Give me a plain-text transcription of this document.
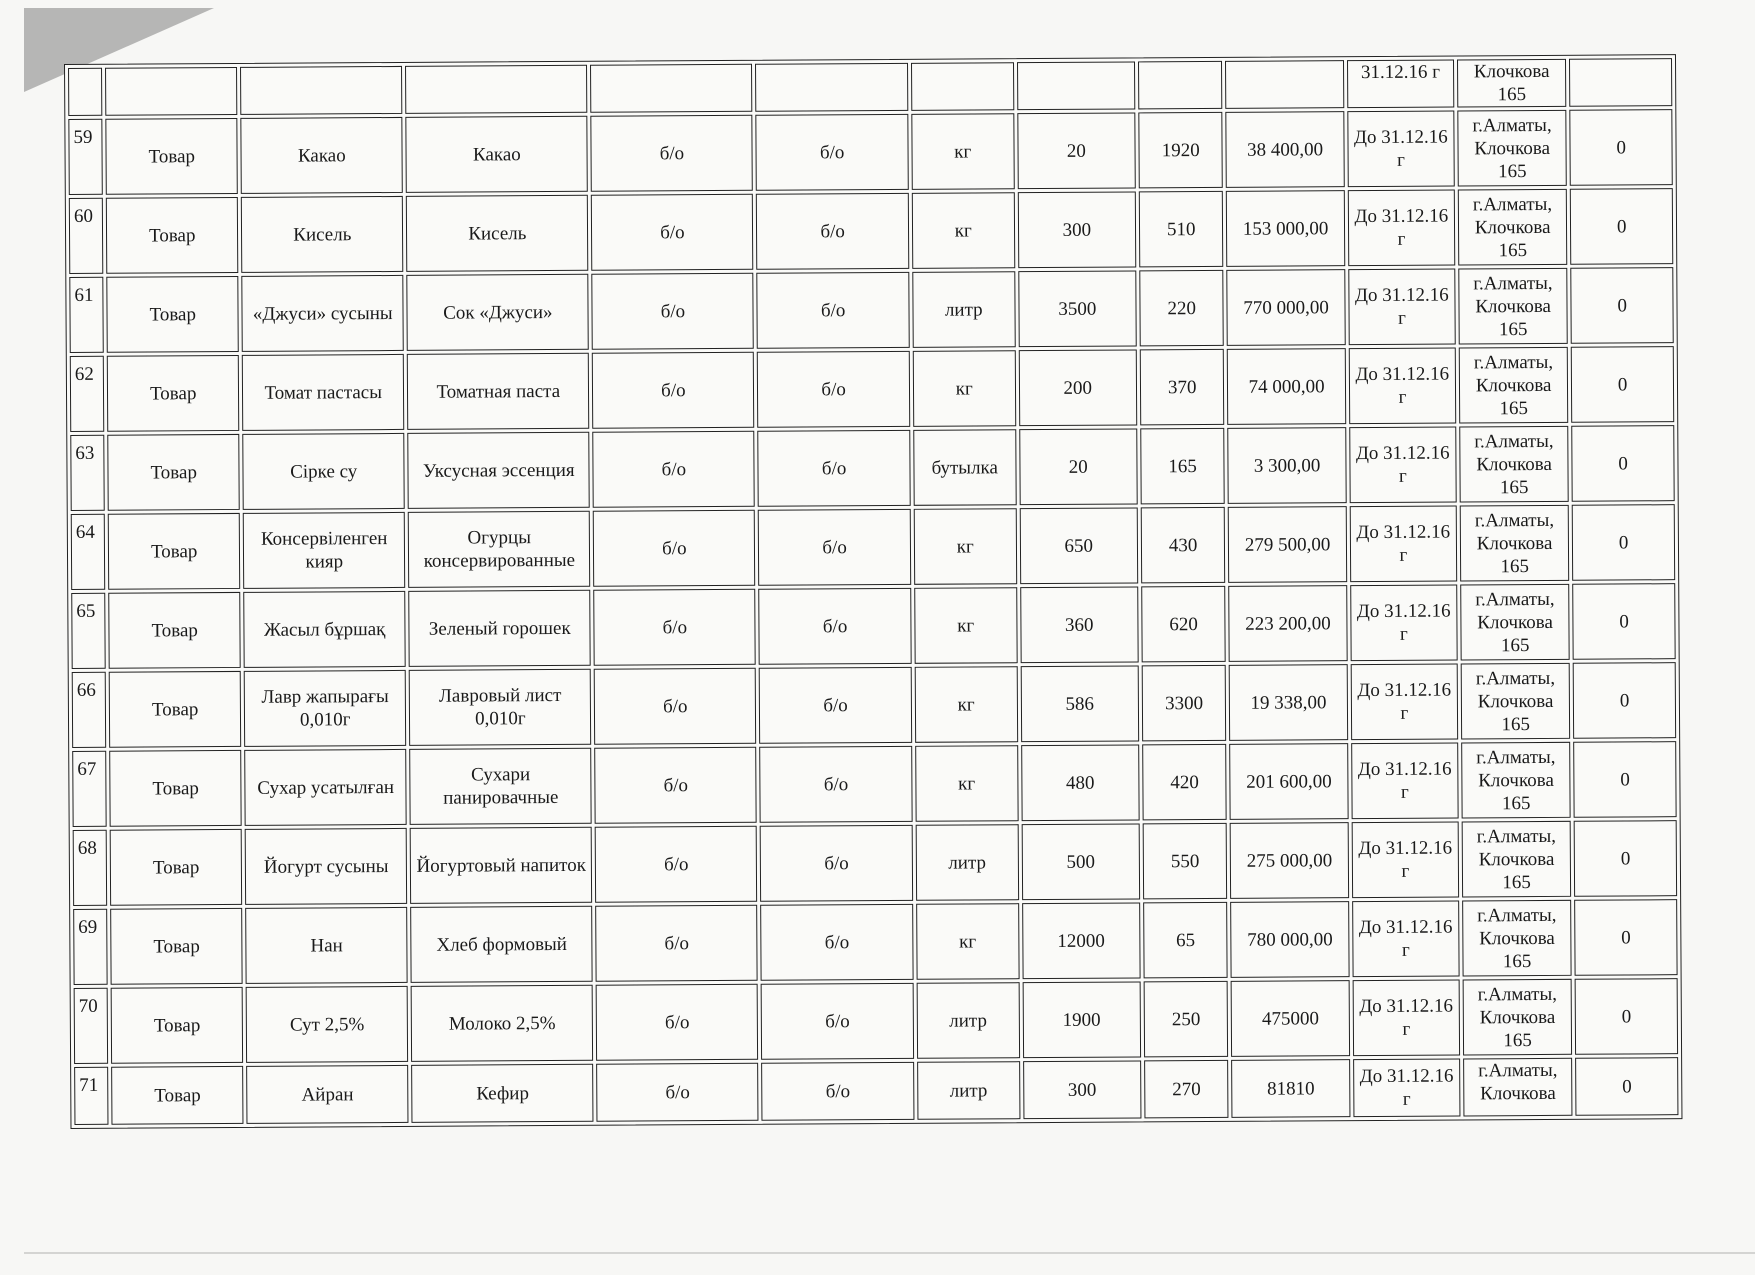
										31.12.16 г	Клочкова 165	
59	Товар	Какао	Какао	б/о	б/о	кг	20	1920	38 400,00	До 31.12.16 г	г.Алматы, Клочкова 165	0
60	Товар	Кисель	Кисель	б/о	б/о	кг	300	510	153 000,00	До 31.12.16 г	г.Алматы, Клочкова 165	0
61	Товар	«Джуси» сусыны	Сок «Джуси»	б/о	б/о	литр	3500	220	770 000,00	До 31.12.16 г	г.Алматы, Клочкова 165	0
62	Товар	Томат пастасы	Томатная паста	б/о	б/о	кг	200	370	74 000,00	До 31.12.16 г	г.Алматы, Клочкова 165	0
63	Товар	Сірке су	Уксусная эссенция	б/о	б/о	бутылка	20	165	3 300,00	До 31.12.16 г	г.Алматы, Клочкова 165	0
64	Товар	Консервіленген кияр	Огурцы консервированные	б/о	б/о	кг	650	430	279 500,00	До 31.12.16 г	г.Алматы, Клочкова 165	0
65	Товар	Жасыл бұршақ	Зеленый горошек	б/о	б/о	кг	360	620	223 200,00	До 31.12.16 г	г.Алматы, Клочкова 165	0
66	Товар	Лавр жапырағы 0,010г	Лавровый лист 0,010г	б/о	б/о	кг	586	3300	19 338,00	До 31.12.16 г	г.Алматы, Клочкова 165	0
67	Товар	Сухар усатылған	Сухари панировачные	б/о	б/о	кг	480	420	201 600,00	До 31.12.16 г	г.Алматы, Клочкова 165	0
68	Товар	Йогурт сусыны	Йогуртовый напиток	б/о	б/о	литр	500	550	275 000,00	До 31.12.16 г	г.Алматы, Клочкова 165	0
69	Товар	Нан	Хлеб формовый	б/о	б/о	кг	12000	65	780 000,00	До 31.12.16 г	г.Алматы, Клочкова 165	0
70	Товар	Сут 2,5%	Молоко 2,5%	б/о	б/о	литр	1900	250	475000	До 31.12.16 г	г.Алматы, Клочкова 165	0
71	Товар	Айран	Кефир	б/о	б/о	литр	300	270	81810	До 31.12.16 г	г.Алматы, Клочкова	0
